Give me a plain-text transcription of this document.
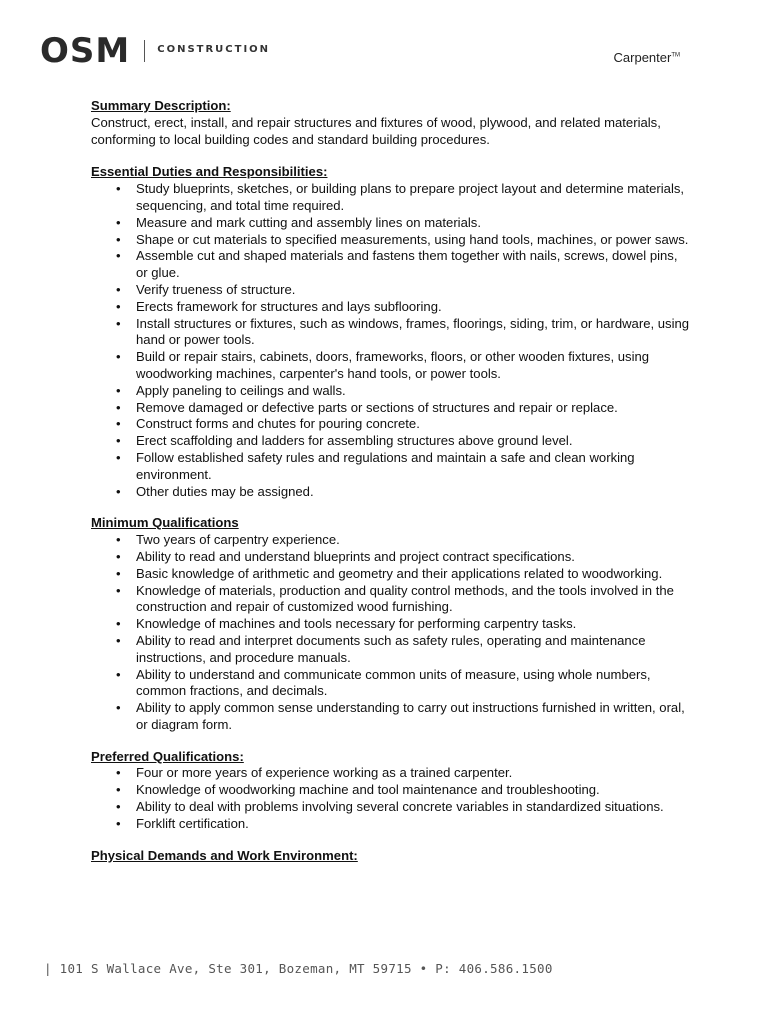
OSM	CONSTRUCTION
Carpenter™

Summary Description:

Construct, erect, install, and repair structures and fixtures of wood, plywood, and related materials, conforming to local building codes and standard building procedures.

Essential Duties and Responsibilities:

• Study blueprints, sketches, or building plans to prepare project layout and determine materials, sequencing, and total time required.
• Measure and mark cutting and assembly lines on materials.
• Shape or cut materials to specified measurements, using hand tools, machines, or power saws.
• Assemble cut and shaped materials and fastens them together with nails, screws, dowel pins, or glue.
• Verify trueness of structure.
• Erects framework for structures and lays subflooring.
• Install structures or fixtures, such as windows, frames, floorings, siding, trim, or hardware, using hand or power tools.
• Build or repair stairs, cabinets, doors, frameworks, floors, or other wooden fixtures, using woodworking machines, carpenter's hand tools, or power tools.
• Apply paneling to ceilings and walls.
• Remove damaged or defective parts or sections of structures and repair or replace.
• Construct forms and chutes for pouring concrete.
• Erect scaffolding and ladders for assembling structures above ground level.
• Follow established safety rules and regulations and maintain a safe and clean working environment.
• Other duties may be assigned.

Minimum Qualifications

• Two years of carpentry experience.
• Ability to read and understand blueprints and project contract specifications.
• Basic knowledge of arithmetic and geometry and their applications related to woodworking.
• Knowledge of materials, production and quality control methods, and the tools involved in the construction and repair of customized wood furnishing.
• Knowledge of machines and tools necessary for performing carpentry tasks.
• Ability to read and interpret documents such as safety rules, operating and maintenance instructions, and procedure manuals.
• Ability to understand and communicate common units of measure, using whole numbers, common fractions, and decimals.
• Ability to apply common sense understanding to carry out instructions furnished in written, oral, or diagram form.

Preferred Qualifications:

• Four or more years of experience working as a trained carpenter.
• Knowledge of woodworking machine and tool maintenance and troubleshooting.
• Ability to deal with problems involving several concrete variables in standardized situations.
• Forklift certification.

Physical Demands and Work Environment:

| 101 S Wallace Ave, Ste 301, Bozeman, MT 59715 • P: 406.586.1500
